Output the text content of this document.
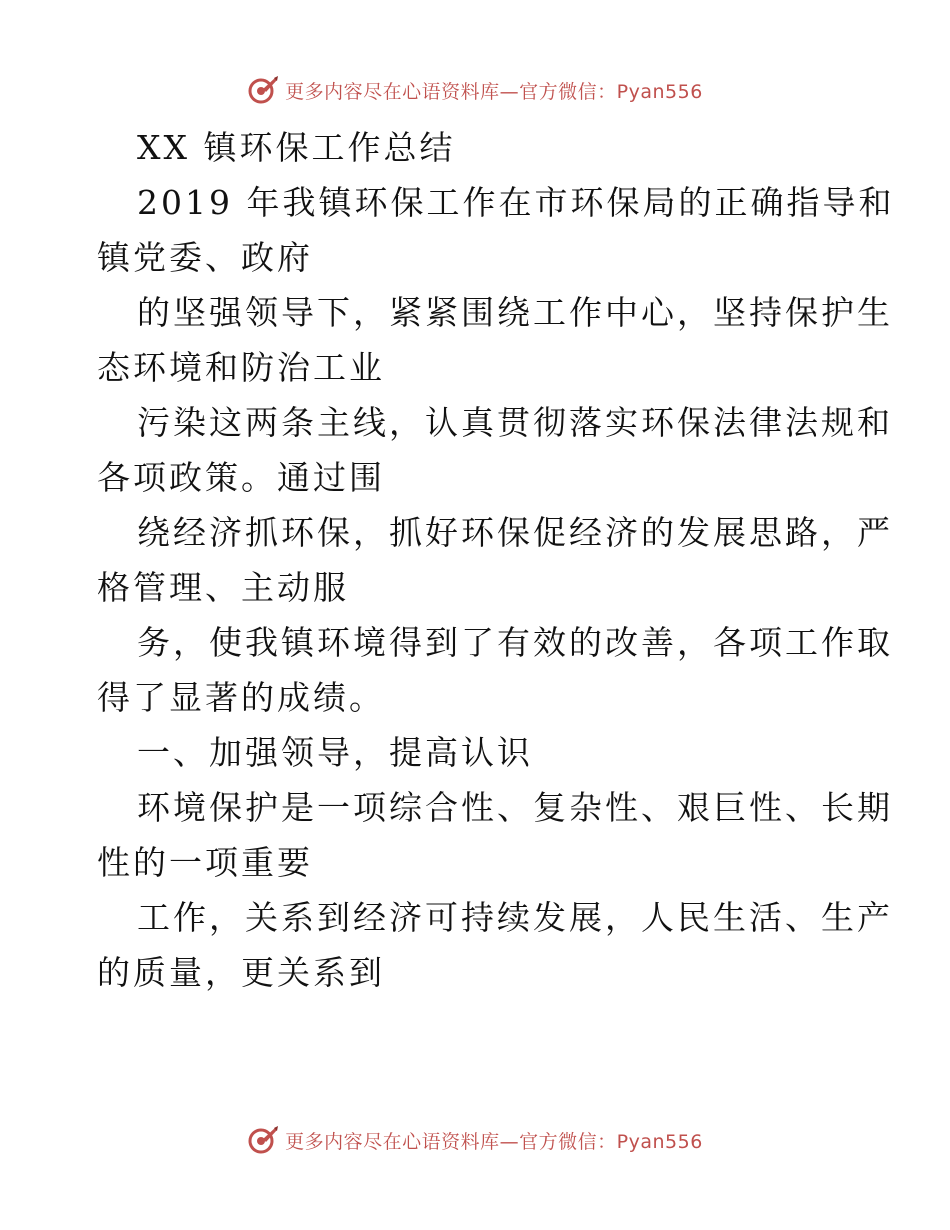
更多内容尽在心语资料库—官方微信：Pyan556
XX 镇环保工作总结
2019 年我镇环保工作在市环保局的正确指导和
镇党委、政府
的坚强领导下，紧紧围绕工作中心，坚持保护生
态环境和防治工业
污染这两条主线，认真贯彻落实环保法律法规和
各项政策。通过围
绕经济抓环保，抓好环保促经济的发展思路，严
格管理、主动服
务，使我镇环境得到了有效的改善，各项工作取
得了显著的成绩。
一、加强领导，提高认识
环境保护是一项综合性、复杂性、艰巨性、长期
性的一项重要
工作，关系到经济可持续发展，人民生活、生产
的质量，更关系到
更多内容尽在心语资料库—官方微信：Pyan556
